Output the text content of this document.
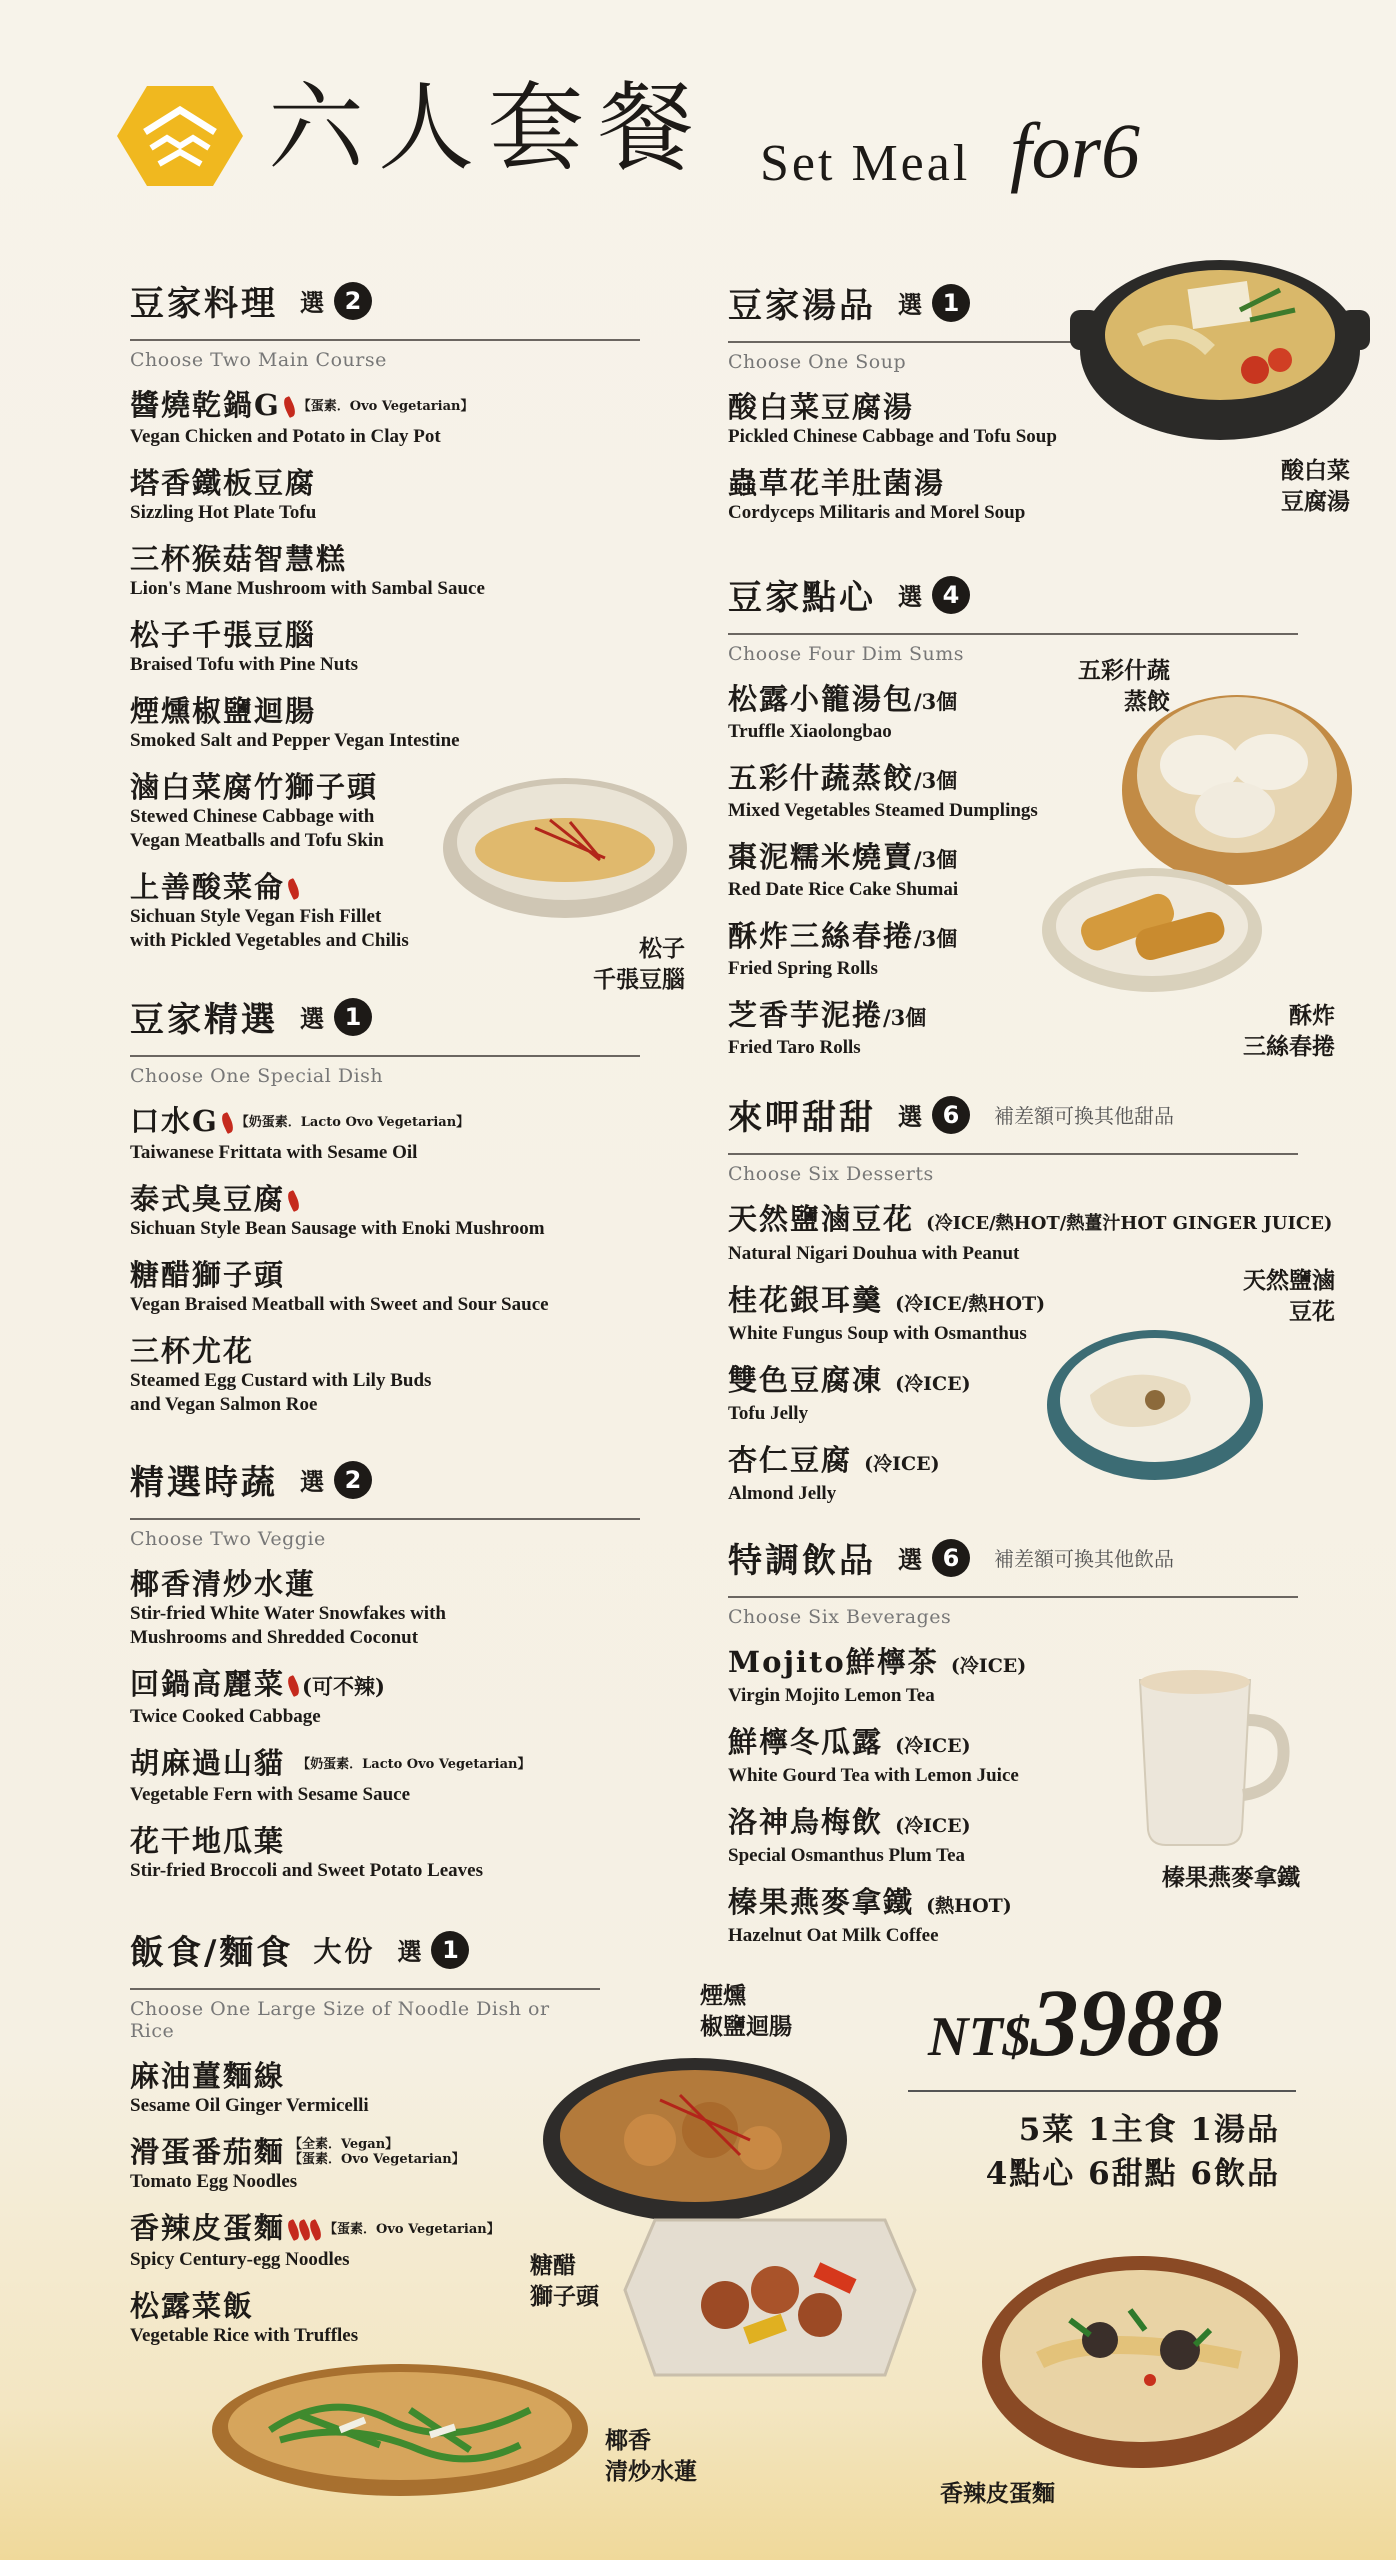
六人套餐 Set Meal for6
豆家料理 選 2
Choose Two Main Course
醬燒乾鍋G 【蛋素．Ovo Vegetarian】
Vegan Chicken and Potato in Clay Pot
塔香鐵板豆腐
Sizzling Hot Plate Tofu
三杯猴菇智慧糕
Lion's Mane Mushroom with Sambal Sauce
松子千張豆腦
Braised Tofu with Pine Nuts
煙燻椒鹽迴腸
Smoked Salt and Pepper Vegan Intestine
滷白菜腐竹獅子頭
Stewed Chinese Cabbage with
Vegan Meatballs and Tofu Skin
上善酸菜侖
Sichuan Style Vegan Fish Fillet
with Pickled Vegetables and Chilis
豆家精選 選 1
Choose One Special Dish
口水G 【奶蛋素．Lacto Ovo Vegetarian】
Taiwanese Frittata with Sesame Oil
泰式臭豆腐
Sichuan Style Bean Sausage with Enoki Mushroom
糖醋獅子頭
Vegan Braised Meatball with Sweet and Sour Sauce
三杯尤花
Steamed Egg Custard with Lily Buds
and Vegan Salmon Roe
精選時蔬 選 2
Choose Two Veggie
椰香清炒水蓮
Stir-fried White Water Snowfakes with
Mushrooms and Shredded Coconut
回鍋高麗菜 (可不辣)
Twice Cooked Cabbage
胡麻過山貓 【奶蛋素．Lacto Ovo Vegetarian】
Vegetable Fern with Sesame Sauce
花干地瓜葉
Stir-fried Broccoli and Sweet Potato Leaves
飯食/麵食 大份 選 1
Choose One Large Size of Noodle Dish or Rice
麻油薑麵線
Sesame Oil Ginger Vermicelli
滑蛋番茄麵 【全素．Vegan】
【蛋素．Ovo Vegetarian】
Tomato Egg Noodles
香辣皮蛋麵	【蛋素．Ovo Vegetarian】
Spicy Century-egg Noodles
松露菜飯
Vegetable Rice with Truffles
豆家湯品 選 1
Choose One Soup
酸白菜豆腐湯
Pickled Chinese Cabbage and Tofu Soup
蟲草花羊肚菌湯
Cordyceps Militaris and Morel Soup
豆家點心 選 4
Choose Four Dim Sums
松露小籠湯包/3個
Truffle Xiaolongbao
五彩什蔬蒸餃/3個
Mixed Vegetables Steamed Dumplings
棗泥糯米燒賣/3個
Red Date Rice Cake Shumai
酥炸三絲春捲/3個
Fried Spring Rolls
芝香芋泥捲/3個
Fried Taro Rolls
來呷甜甜 選 6	補差額可換其他甜品
Choose Six Desserts
天然鹽滷豆花 (冷ICE/熱HOT/熱薑汁HOT GINGER JUICE)
Natural Nigari Douhua with Peanut
桂花銀耳羹 (冷ICE/熱HOT)
White Fungus Soup with Osmanthus
雙色豆腐凍 (冷ICE)
Tofu Jelly
杏仁豆腐 (冷ICE)
Almond Jelly
特調飲品 選 6	補差額可換其他飲品
Choose Six Beverages
Mojito鮮檸茶 (冷ICE)
Virgin Mojito Lemon Tea
鮮檸冬瓜露 (冷ICE)
White Gourd Tea with Lemon Juice
洛神烏梅飲 (冷ICE)
Special Osmanthus Plum Tea
榛果燕麥拿鐵 (熱HOT)
Hazelnut Oat Milk Coffee
酸白菜
豆腐湯
松子
千張豆腦
五彩什蔬
蒸餃
酥炸
三絲春捲
天然鹽滷
豆花
榛果燕麥拿鐵
煙燻
椒鹽迴腸
糖醋
獅子頭
香辣皮蛋麵
椰香
清炒水蓮
NT$3988
5菜 1主食 1湯品
4點心 6甜點 6飲品
